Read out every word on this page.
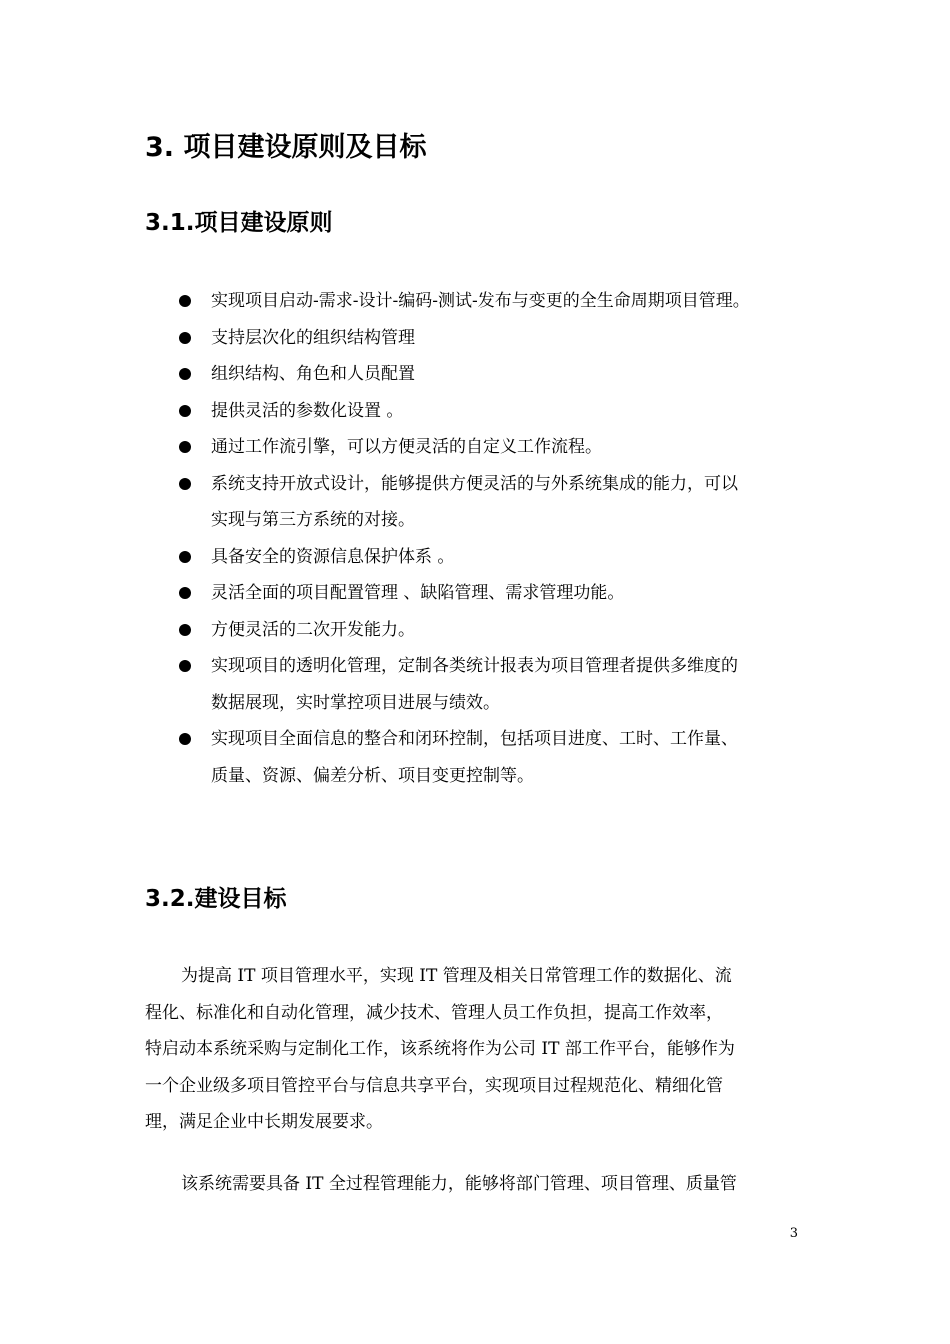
3. 项目建设原则及目标
3.1.项目建设原则
实现项目启动-需求-设计-编码-测试-发布与变更的全生命周期项目管理。
支持层次化的组织结构管理
组织结构、角色和人员配置
提供灵活的参数化设置 。
通过工作流引擎，可以方便灵活的自定义工作流程。
系统支持开放式设计，能够提供方便灵活的与外系统集成的能力，可以
实现与第三方系统的对接。
具备安全的资源信息保护体系 。
灵活全面的项目配置管理 、缺陷管理、需求管理功能。
方便灵活的二次开发能力。
实现项目的透明化管理，定制各类统计报表为项目管理者提供多维度的
数据展现，实时掌控项目进展与绩效。
实现项目全面信息的整合和闭环控制，包括项目进度、工时、工作量、
质量、资源、偏差分析、项目变更控制等。
3.2.建设目标
为提高 IT 项目管理水平，实现 IT 管理及相关日常管理工作的数据化、流
程化、标准化和自动化管理，减少技术、管理人员工作负担，提高工作效率，
特启动本系统采购与定制化工作，该系统将作为公司 IT 部工作平台，能够作为
一个企业级多项目管控平台与信息共享平台，实现项目过程规范化、精细化管
理，满足企业中长期发展要求。
该系统需要具备 IT 全过程管理能力，能够将部门管理、项目管理、质量管
3
